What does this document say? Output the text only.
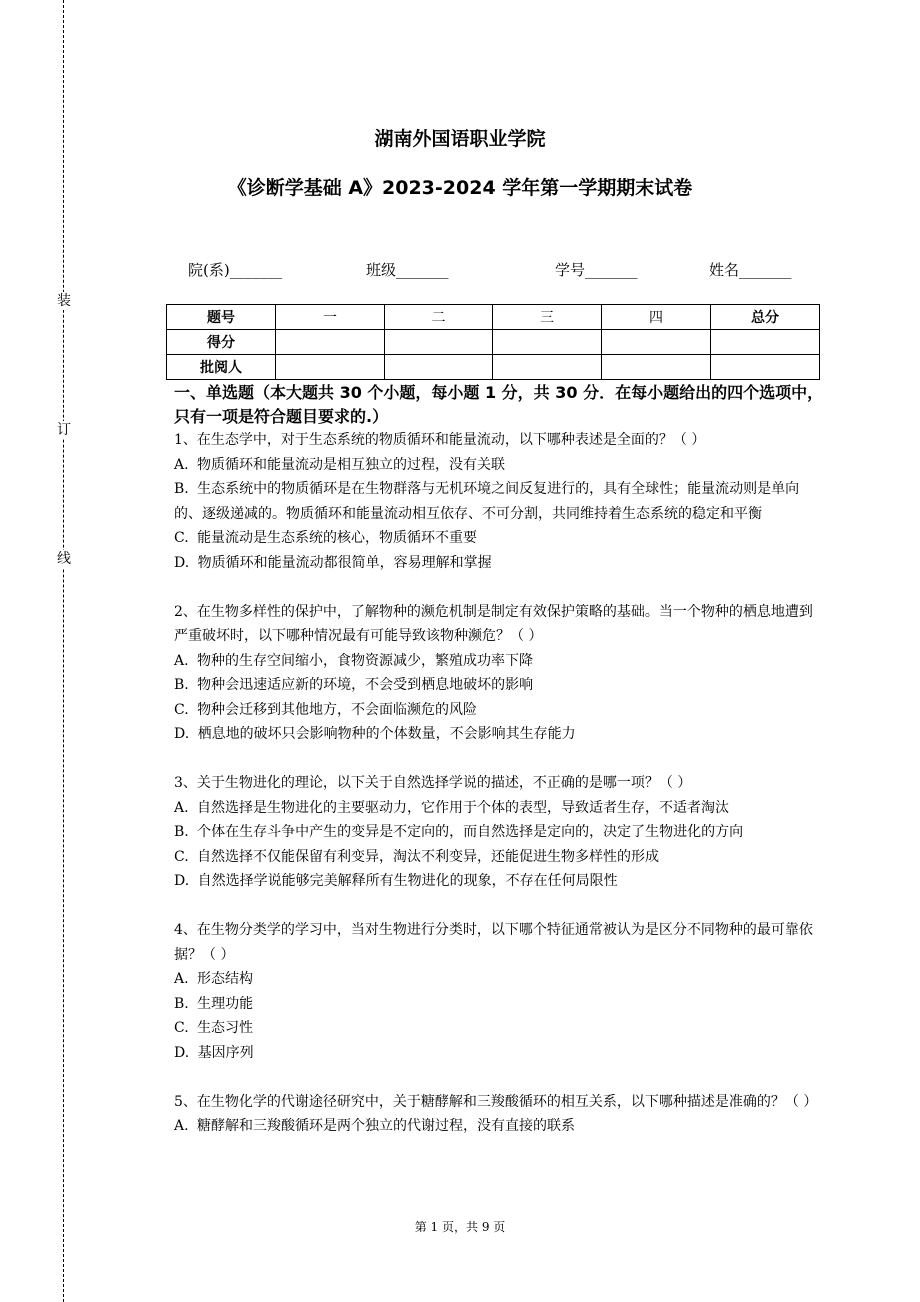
装
订
线
湖南外国语职业学院
《诊断学基础 A》2023-2024 学年第一学期期末试卷
院(系)_______	班级_______	学号_______	姓名_______
题号	一	二	三	四	总分
得分					
批阅人					
一、单选题（本大题共 30 个小题，每小题 1 分，共 30 分．在每小题给出的四个选项中，只有一项是符合题目要求的.）

1、在生态学中，对于生态系统的物质循环和能量流动，以下哪种表述是全面的？（ ）

A. 物质循环和能量流动是相互独立的过程，没有关联

B. 生态系统中的物质循环是在生物群落与无机环境之间反复进行的，具有全球性；能量流动则是单向的、逐级递减的。物质循环和能量流动相互依存、不可分割，共同维持着生态系统的稳定和平衡

C. 能量流动是生态系统的核心，物质循环不重要

D. 物质循环和能量流动都很简单，容易理解和掌握

2、在生物多样性的保护中，了解物种的濒危机制是制定有效保护策略的基础。当一个物种的栖息地遭到严重破坏时，以下哪种情况最有可能导致该物种濒危？（ ）

A. 物种的生存空间缩小，食物资源减少，繁殖成功率下降

B. 物种会迅速适应新的环境，不会受到栖息地破坏的影响

C. 物种会迁移到其他地方，不会面临濒危的风险

D. 栖息地的破坏只会影响物种的个体数量，不会影响其生存能力

3、关于生物进化的理论，以下关于自然选择学说的描述，不正确的是哪一项？（ ）

A. 自然选择是生物进化的主要驱动力，它作用于个体的表型，导致适者生存，不适者淘汰

B. 个体在生存斗争中产生的变异是不定向的，而自然选择是定向的，决定了生物进化的方向

C. 自然选择不仅能保留有利变异，淘汰不利变异，还能促进生物多样性的形成

D. 自然选择学说能够完美解释所有生物进化的现象，不存在任何局限性

4、在生物分类学的学习中，当对生物进行分类时，以下哪个特征通常被认为是区分不同物种的最可靠依据？（ ）

A. 形态结构

B. 生理功能

C. 生态习性

D. 基因序列

5、在生物化学的代谢途径研究中，关于糖酵解和三羧酸循环的相互关系，以下哪种描述是准确的？（ ）

A. 糖酵解和三羧酸循环是两个独立的代谢过程，没有直接的联系

第 1 页，共 9 页
